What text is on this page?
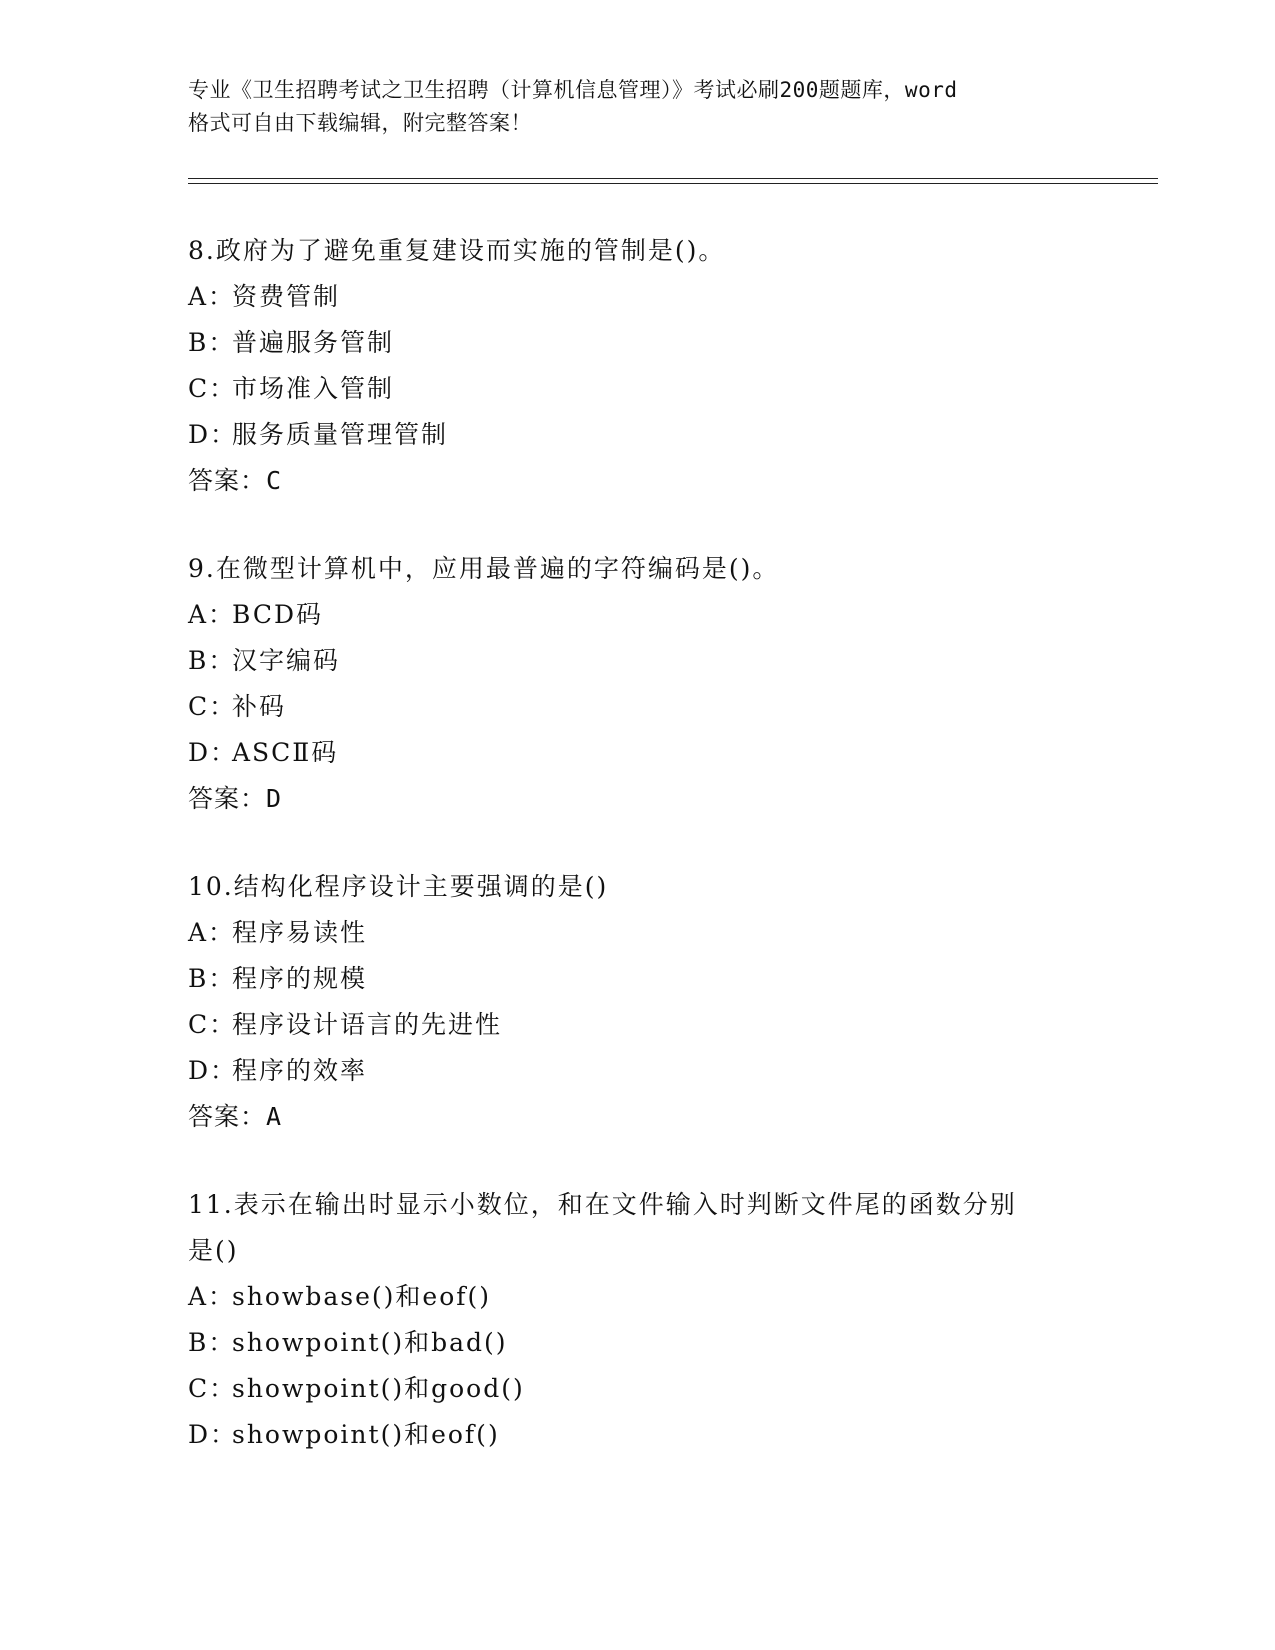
专业《卫生招聘考试之卫生招聘（计算机信息管理）》考试必刷200题题库，word
格式可自由下载编辑，附完整答案！
8.政府为了避免重复建设而实施的管制是()。
A：资费管制
B：普遍服务管制
C：市场准入管制
D：服务质量管理管制
答案：C
9.在微型计算机中，应用最普遍的字符编码是()。
A：BCD码
B：汉字编码
C：补码
D：ASCⅡ码
答案：D
10.结构化程序设计主要强调的是()
A：程序易读性
B：程序的规模
C：程序设计语言的先进性
D：程序的效率
答案：A
11.表示在输出时显示小数位，和在文件输入时判断文件尾的函数分别
是()
A：showbase()和eof()
B：showpoint()和bad()
C：showpoint()和good()
D：showpoint()和eof()
